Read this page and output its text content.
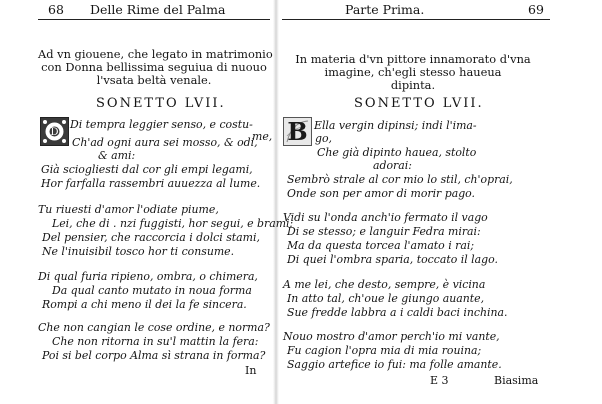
68 Delle Rime del Palma
Ad vn giouene, che legato in matrimonio
con Donna bellissima seguiua di nuouo
l'vsata beltà venale.
SONETTO LVII.
D
Di tempra leggier senso, e costu-
me,
Ch'ad ogni aura sei mosso, & odi,
& ami:
Già sciogliesti dal cor gli empi legami,
Hor farfalla rassembri auuezza al lume.
Tu riuesti d'amor l'odiate piume,
Lei, che di . nzi fuggisti, hor segui, e brami:
Del pensier, che raccorcia i dolci stami,
Ne l'inuisibil tosco hor ti consume.
Di qual furia ripieno, ombra, o chimera,
Da qual canto mutato in noua forma
Rompi a chi meno il dei la fe sincera.
Che non cangian le cose ordine, e norma?
Che non ritorna in su'l mattin la fera:
Poi si bel corpo Alma sì strana in forma?
In
Parte Prima.	69
In materia d'vn pittore innamorato d'vna
imagine, ch'egli stesso haueua
dipinta.
SONETTO LVII.
B Ella vergin dipinsi; indi l'ima-
go,
Che già dipinto hauea, stolto
adorai:
Sembrò strale al cor mio lo stil, ch'oprai,
Onde son per amor di morir pago.
Vidi su l'onda anch'io fermato il vago
Di se stesso; e languir Fedra mirai:
Ma da questa torcea l'amato i rai;
Di quei l'ombra sparia, toccato il lago.
A me lei, che desto, sempre, è vicina
In atto tal, ch'oue le giungo auante,
Sue fredde labbra a i caldi baci inchina.
Nouo mostro d'amor perch'io mi vante,
Fu cagion l'opra mia di mia rouina;
Saggio artefice io fui: ma folle amante.
E 3	Biasima
